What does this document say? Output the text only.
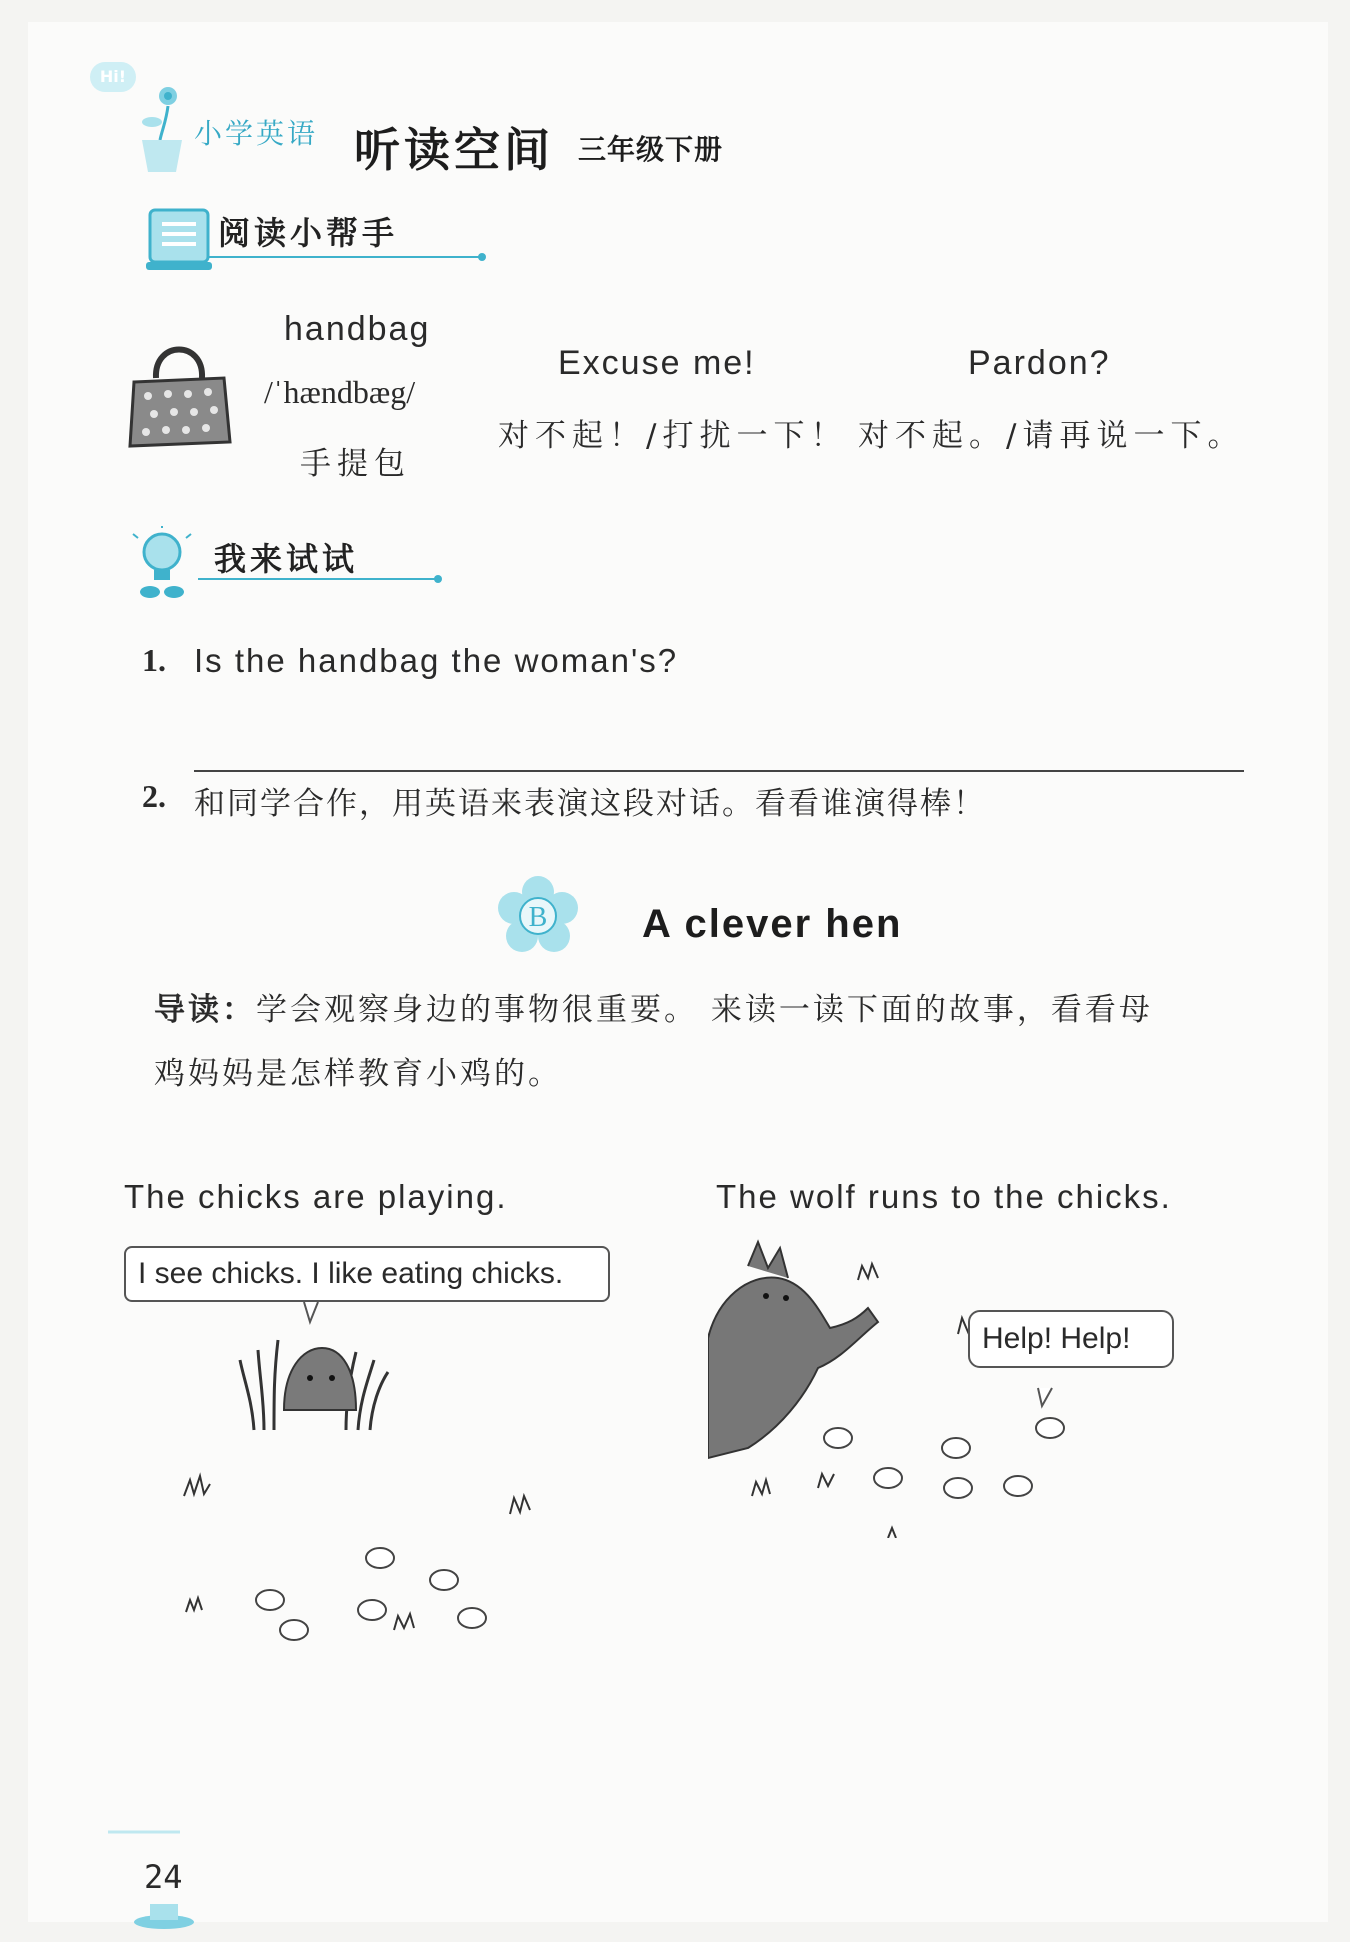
Hi!
小学英语 听读空间 三年级下册
阅读小帮手
handbag
/ˈhændbæg/
手提包
Excuse me!
对不起！/打扰一下！
Pardon?
对不起。/请再说一下。
我来试试
1. Is the handbag the woman's?
2. 和同学合作，用英语来表演这段对话。看看谁演得棒！
B A clever hen
导读：学会观察身边的事物很重要。 来读一读下面的故事，看看母
鸡妈妈是怎样教育小鸡的。
The chicks are playing.
I see chicks. I like eating chicks.
The wolf runs to the chicks.
Help! Help!
24
